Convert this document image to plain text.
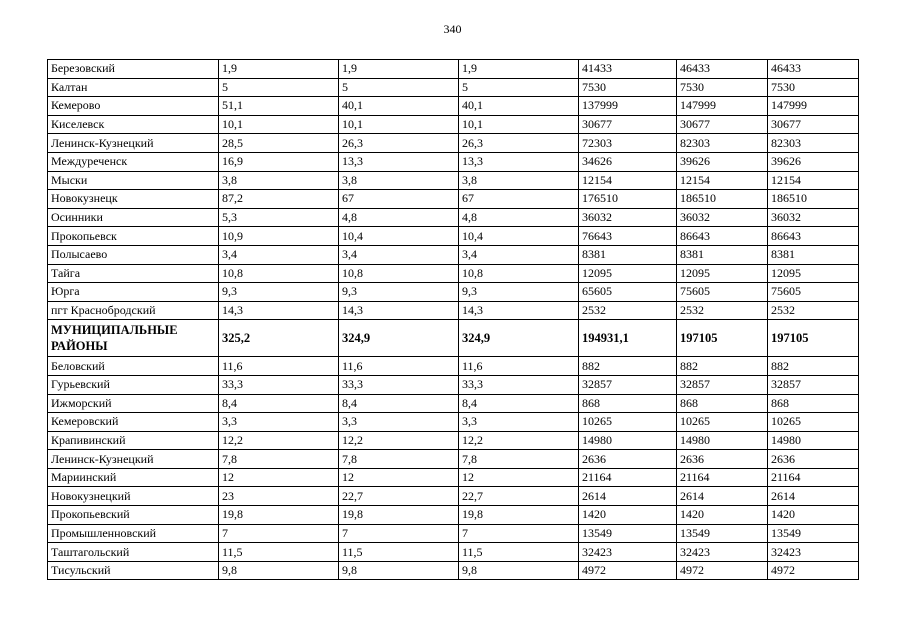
340
Березовский	1,9	1,9	1,9	41433	46433	46433
Калтан	5	5	5	7530	7530	7530
Кемерово	51,1	40,1	40,1	137999	147999	147999
Киселевск	10,1	10,1	10,1	30677	30677	30677
Ленинск-Кузнецкий	28,5	26,3	26,3	72303	82303	82303
Междуреченск	16,9	13,3	13,3	34626	39626	39626
Мыски	3,8	3,8	3,8	12154	12154	12154
Новокузнецк	87,2	67	67	176510	186510	186510
Осинники	5,3	4,8	4,8	36032	36032	36032
Прокопьевск	10,9	10,4	10,4	76643	86643	86643
Полысаево	3,4	3,4	3,4	8381	8381	8381
Тайга	10,8	10,8	10,8	12095	12095	12095
Юрга	9,3	9,3	9,3	65605	75605	75605
пгт Краснобродский	14,3	14,3	14,3	2532	2532	2532
МУНИЦИПАЛЬНЫЕ РАЙОНЫ	325,2	324,9	324,9	194931,1	197105	197105
Беловский	11,6	11,6	11,6	882	882	882
Гурьевский	33,3	33,3	33,3	32857	32857	32857
Ижморский	8,4	8,4	8,4	868	868	868
Кемеровский	3,3	3,3	3,3	10265	10265	10265
Крапивинский	12,2	12,2	12,2	14980	14980	14980
Ленинск-Кузнецкий	7,8	7,8	7,8	2636	2636	2636
Мариинский	12	12	12	21164	21164	21164
Новокузнецкий	23	22,7	22,7	2614	2614	2614
Прокопьевский	19,8	19,8	19,8	1420	1420	1420
Промышленновский	7	7	7	13549	13549	13549
Таштагольский	11,5	11,5	11,5	32423	32423	32423
Тисульский	9,8	9,8	9,8	4972	4972	4972
